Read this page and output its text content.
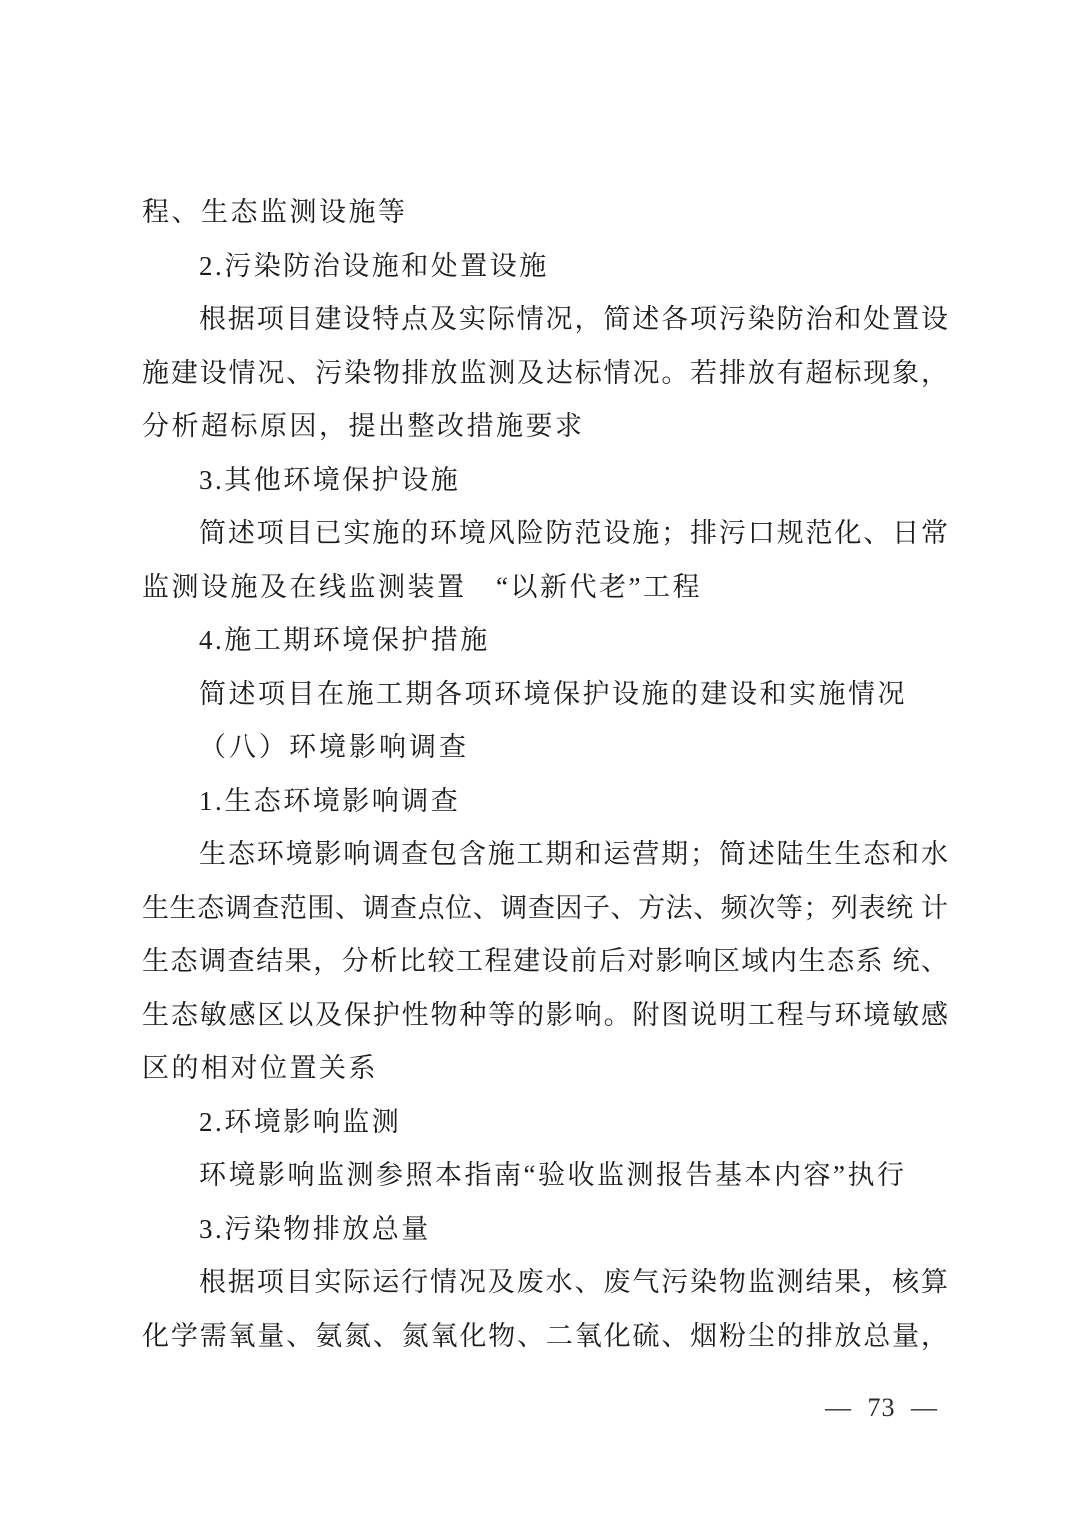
程、生态监测设施等
2.污染防治设施和处置设施
根据项目建设特点及实际情况，简述各项污染防治和处置设
施建设情况、污染物排放监测及达标情况。若排放有超标现象，
分析超标原因，提出整改措施要求
3.其他环境保护设施
简述项目已实施的环境风险防范设施；排污口规范化、日常
监测设施及在线监测装置　“以新代老”工程
4.施工期环境保护措施
简述项目在施工期各项环境保护设施的建设和实施情况
（八）环境影响调查
1.生态环境影响调查
生态环境影响调查包含施工期和运营期；简述陆生生态和水
生生态调查范围、调查点位、调查因子、方法、频次等；列表统 计
生态调查结果，分析比较工程建设前后对影响区域内生态系 统、
生态敏感区以及保护性物种等的影响。附图说明工程与环境敏感
区的相对位置关系
2.环境影响监测
环境影响监测参照本指南“验收监测报告基本内容”执行
3.污染物排放总量
根据项目实际运行情况及废水、废气污染物监测结果，核算
化学需氧量、氨氮、氮氧化物、二氧化硫、烟粉尘的排放总量，
— 73 —
